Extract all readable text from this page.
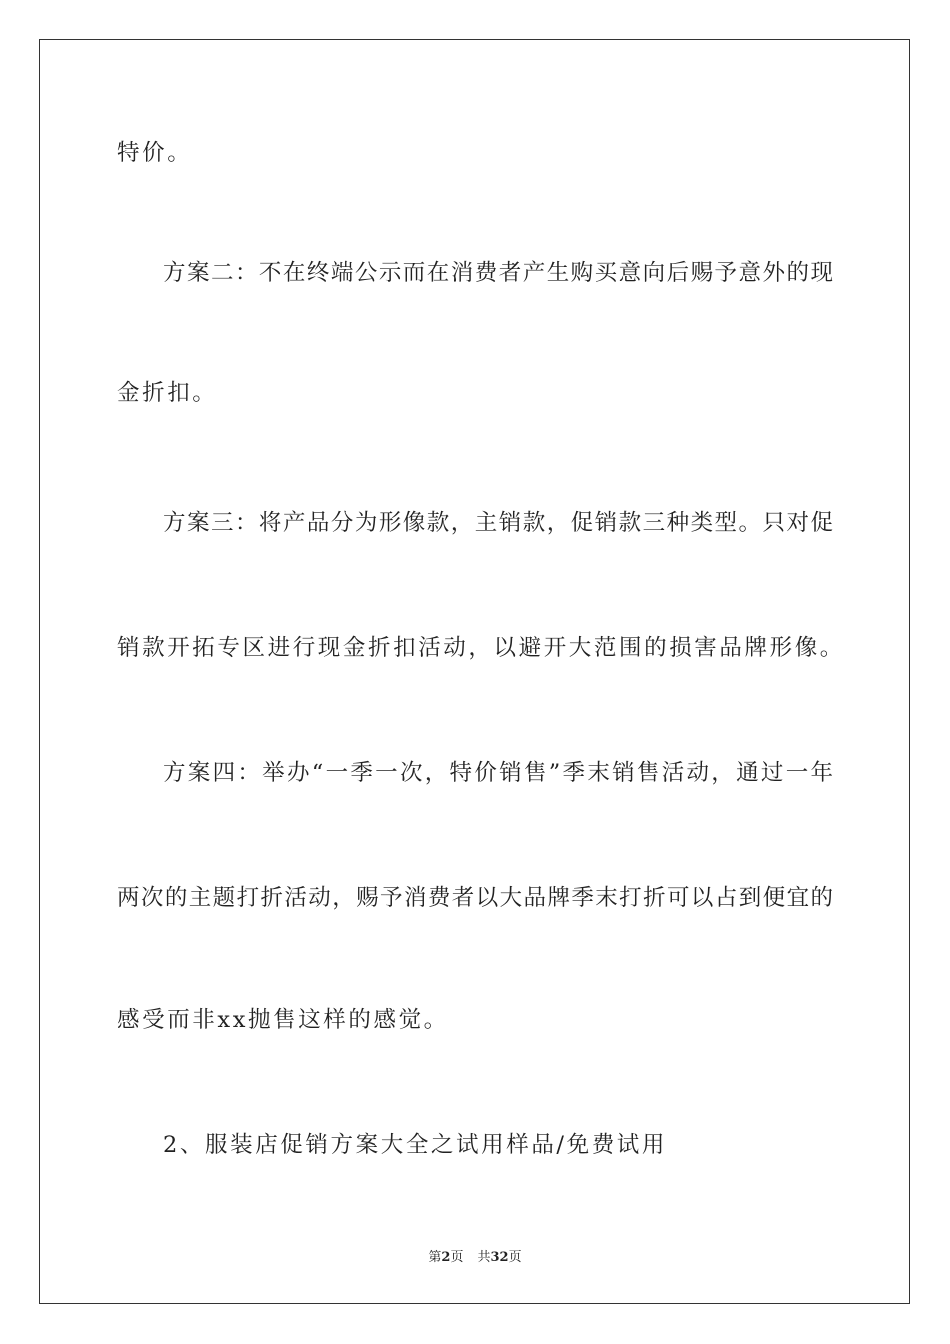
特价。

方案二：不在终端公示而在消费者产生购买意向后赐予意外的现

金折扣。

方案三：将产品分为形像款，主销款，促销款三种类型。只对促

销款开拓专区进行现金折扣活动，以避开大范围的损害品牌形像。

方案四：举办“一季一次，特价销售”季末销售活动，通过一年

两次的主题打折活动，赐予消费者以大品牌季末打折可以占到便宜的

感受而非xx抛售这样的感觉。

2、服装店促销方案大全之试用样品/免费试用

第2页 共32页
